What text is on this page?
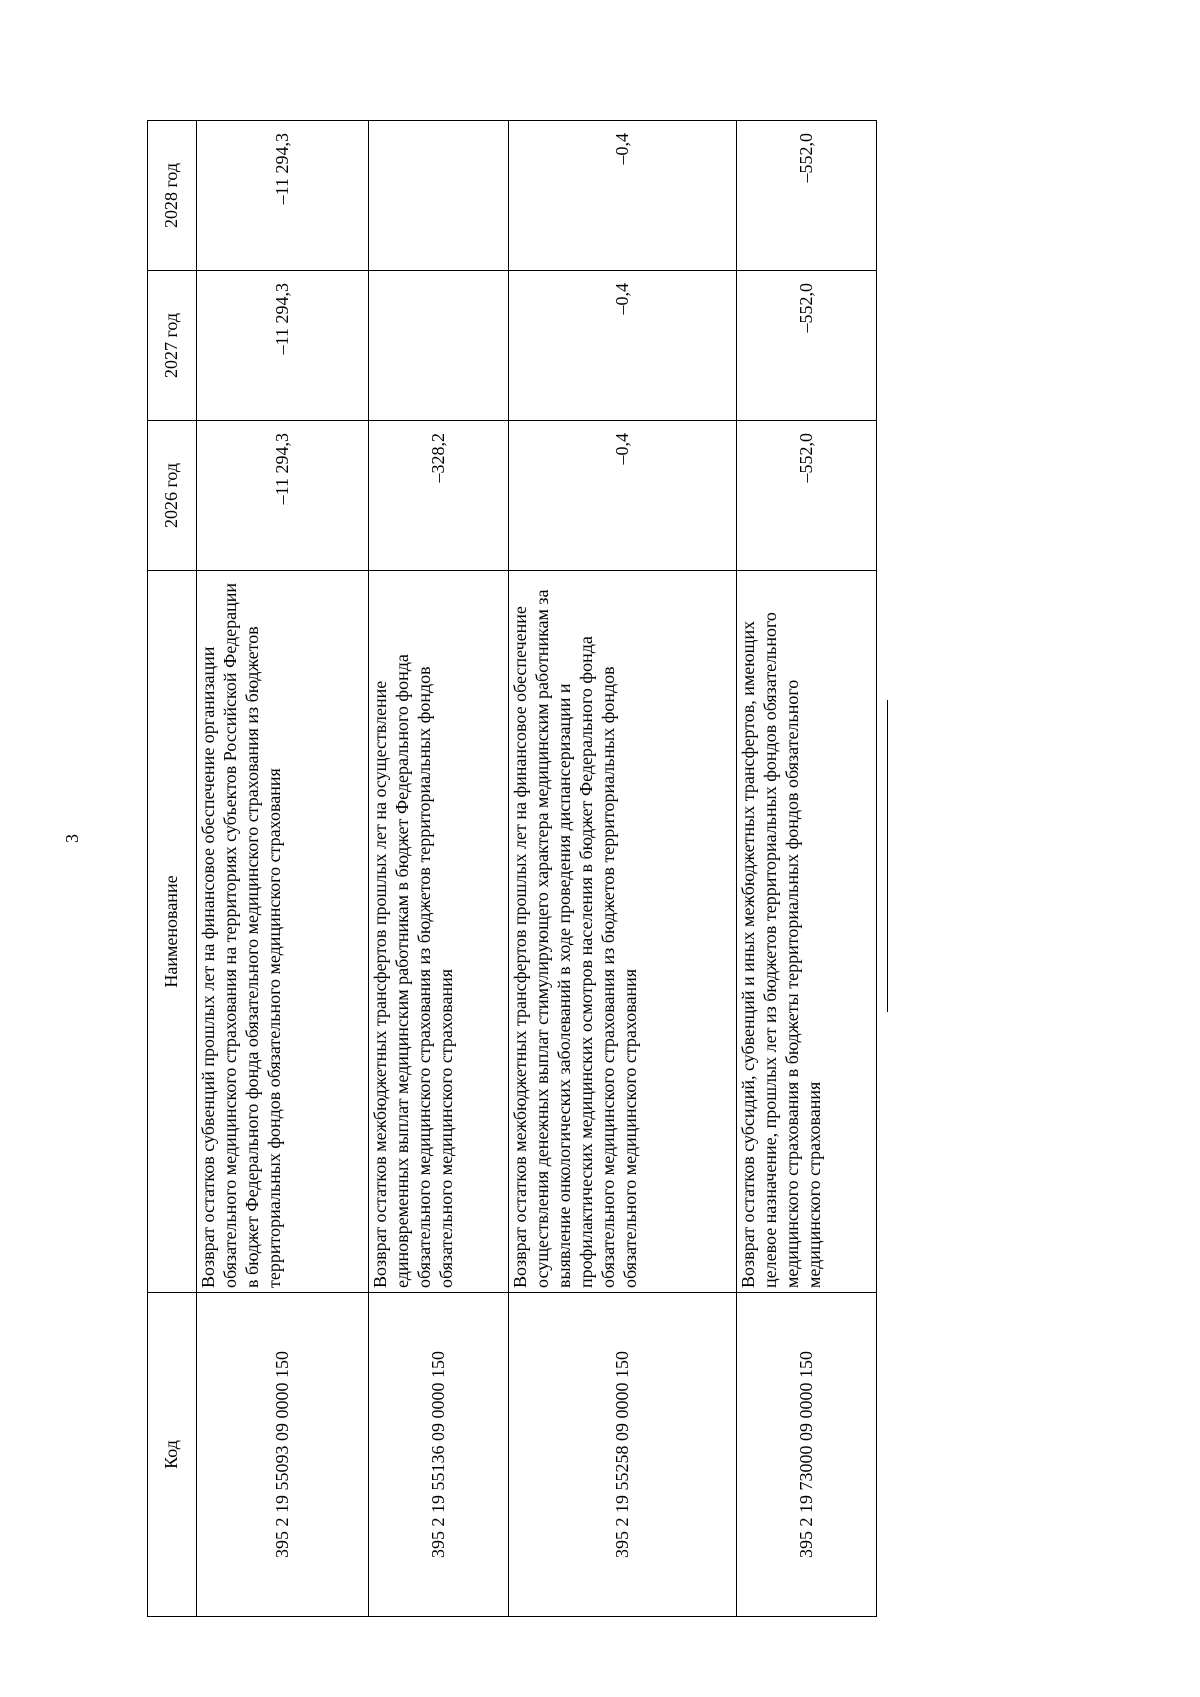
3
Код	Наименование	2026 год	2027 год	2028 год
395 2 19 55093 09 0000 150	Возврат остатков субвенций прошлых лет на финансовое обеспечение организации обязательного медицинского страхования на территориях субъектов Российской Федерации в бюджет Федерального фонда обязательного медицинского страхования из бюджетов территориальных фондов обязательного медицинского страхования	–11 294,3	–11 294,3	–11 294,3
395 2 19 55136 09 0000 150	Возврат остатков межбюджетных трансфертов прошлых лет на осуществление единовременных выплат медицинским работникам в бюджет Федерального фонда обязательного медицинского страхования из бюджетов территориальных фондов обязательного медицинского страхования	–328,2		
395 2 19 55258 09 0000 150	Возврат остатков межбюджетных трансфертов прошлых лет на финансовое обеспечение осуществления денежных выплат стимулирующего характера медицинским работникам за выявление онкологических заболеваний в ходе проведения диспансеризации и профилактических медицинских осмотров населения в бюджет Федерального фонда обязательного медицинского страхования из бюджетов территориальных фондов обязательного медицинского страхования	–0,4	–0,4	–0,4
395 2 19 73000 09 0000 150	Возврат остатков субсидий, субвенций и иных межбюджетных трансфертов, имеющих целевое назначение, прошлых лет из бюджетов территориальных фондов обязательного медицинского страхования в бюджеты территориальных фондов обязательного медицинского страхования	–552,0	–552,0	–552,0
